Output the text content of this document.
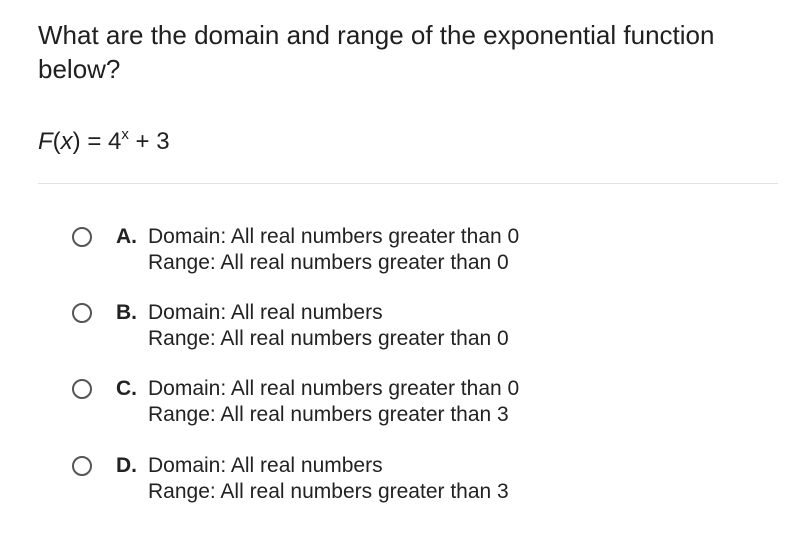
What are the domain and range of the exponential function below?
$F(x) = 4^x + 3$
A. Domain: All real numbers greater than 0
Range: All real numbers greater than 0
B. Domain: All real numbers
Range: All real numbers greater than 0
C. Domain: All real numbers greater than 0
Range: All real numbers greater than 3
D. Domain: All real numbers
Range: All real numbers greater than 3
